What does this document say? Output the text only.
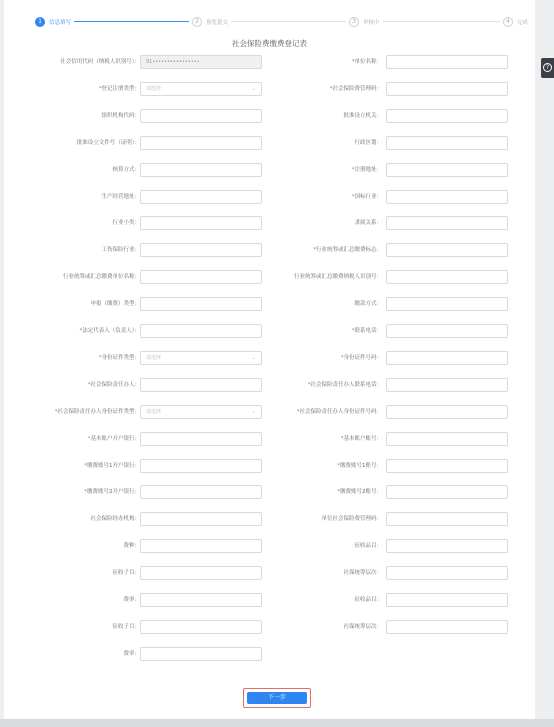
1	信息填写	2	预览提交	3	审核中	4	完成
社会保险费缴费登记表
社会信用代码（纳税人识别号）：	91••••••••••••••••	*单位名称：
*登记注册类型：	请选择	⌄	*社会保险费管理码：
组织机构代码：	批准设立机关：
批准设立文件号（证明）：	行政区划：
核算方式：	*注册地址：
生产经营地址：	*国标行业：
行业小类：	隶属关系：
工伤保险行业：	*行业统筹或汇总缴费标志：
行业统筹或汇总缴费单位名称：	行业统筹或汇总缴费纳税人识别号：
申报（缴费）类型：	缴款方式：
*法定代表人（负责人）：	*联系电话：
*身份证件类型：	请选择	⌄	*身份证件号码：
*社会保险责任办人：	*社会保险责任办人联系电话：
*社会保险责任办人身份证件类型：	请选择	⌄	*社会保险责任办人身份证件号码：
*基本账户开户银行：	*基本账户账号：
*缴费账号1开户银行：	*缴费账号1账号：
*缴费账号2开户银行：	*缴费账号2账号：
社会保险经办机构：	单位社会保险费管理码：
费种：	征收品目：
征收子目：	社保统筹层次：
费率：	征收品目：
征收子目：	社保统筹层次：
费率：
下一步
?
